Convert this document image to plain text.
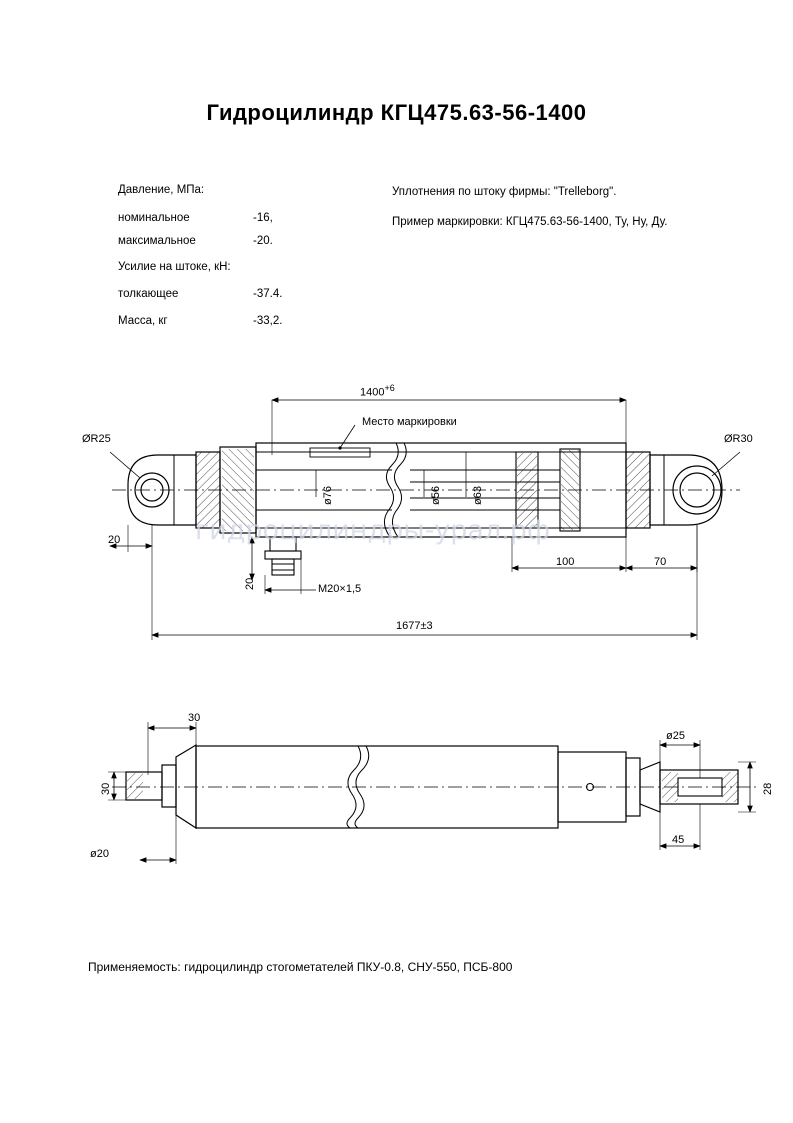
Гидроцилиндр КГЦ475.63-56-1400
Давление, МПа:
номинальное	-16,
максимальное	-20.
Усилие на штоке, кН:
толкающее	-37.4.
Масса, кг	-33,2.
Уплотнения по штоку фирмы: "Trelleborg".
Пример маркировки: КГЦ475.63-56-1400, Ту, Ну, Ду.
$1400^{+6}$
Место маркировки
ØR25	ØR30
ø76	ø56	ø63
20
20	M20×1,5
100	70
1677±3
30
30
ø20
ø25
28
45
гидроцилиндры-урал.рф
Применяемость: гидроцилиндр стогометателей ПКУ-0.8, СНУ-550, ПСБ-800
